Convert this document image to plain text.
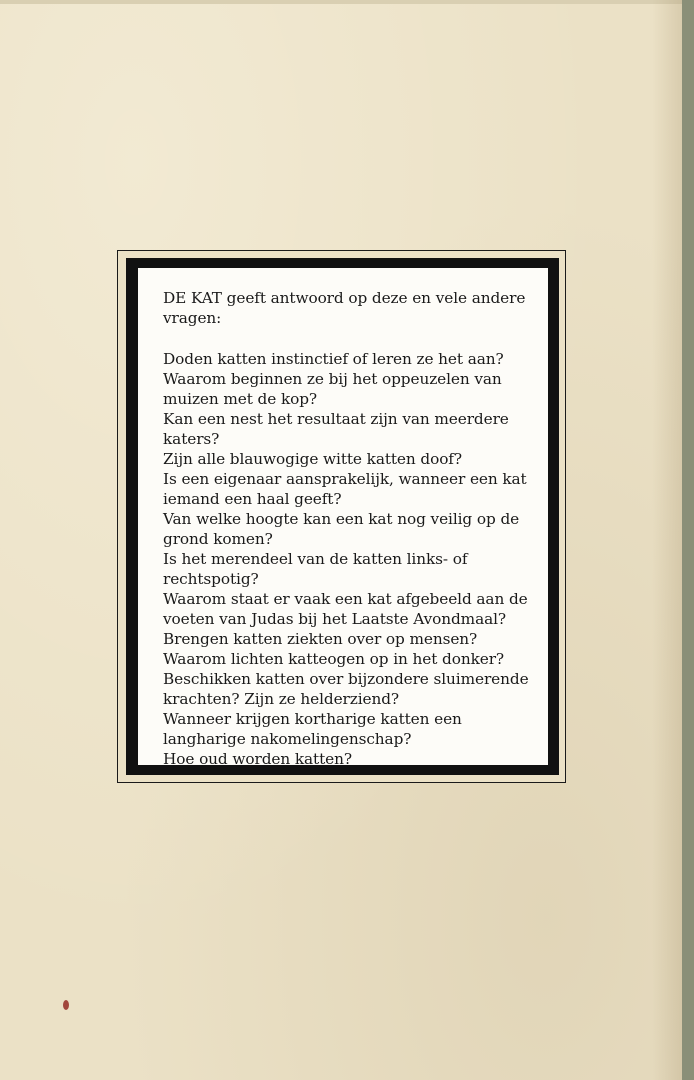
DE KAT geeft antwoord op deze en vele andere

vragen:

Doden katten instinctief of leren ze het aan?

Waarom beginnen ze bij het oppeuzelen van

muizen met de kop?

Kan een nest het resultaat zijn van meerdere

katers?

Zijn alle blauwogige witte katten doof?

Is een eigenaar aansprakelijk, wanneer een kat

iemand een haal geeft?

Van welke hoogte kan een kat nog veilig op de

grond komen?

Is het merendeel van de katten links- of

rechtspotig?

Waarom staat er vaak een kat afgebeeld aan de

voeten van Judas bij het Laatste Avondmaal?

Brengen katten ziekten over op mensen?

Waarom lichten katteogen op in het donker?

Beschikken katten over bijzondere sluimerende

krachten? Zijn ze helderziend?

Wanneer krijgen kortharige katten een

langharige nakomelingenschap?

Hoe oud worden katten?
